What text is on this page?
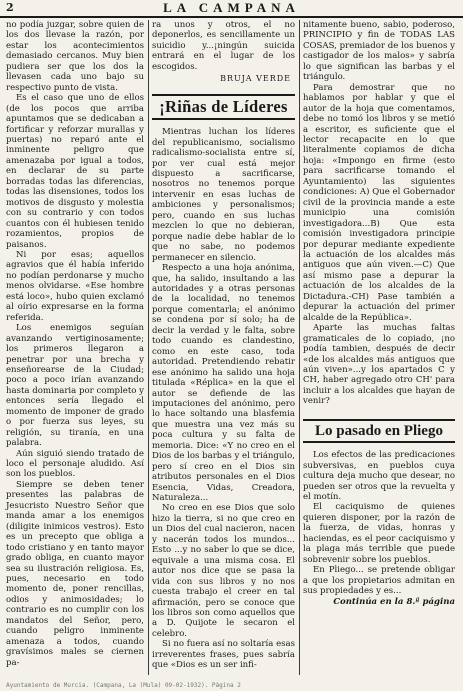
2	LA CAMPANA

no podía juzgar, sobre quien de los dos llevase la razón, por estar los acontecimientos demasiado cercanos. Muy bien pudiera ser que los dos la llevasen cada uno bajo su respectivo punto de vista.

Es el caso que uno de ellos (de los pocos que arriba apuntamos que se dedicaban a fortificar y reforzar murallas y puertas) no reparó ante el inminente peligro que amenazaba por igual a todos, en declarar de su parte borradas todas las diferencias, todas las disensiones, todos los motivos de disgusto y molestia con su contrario y con todos cuantos con él hubiesen tenido rozamientos, propios de paisanos.

Ni por esas; aquellos agravios que él había inferido no podían perdonarse y mucho menos olvidarse. «Ese hombre está loco», hubo quien exclamó al oírio expresarse en la forma referida.

Los enemigos seguían avanzando vertiginosamente; los primeros llegaron a penetrar por una brecha y enseñorearse de la Ciudad; poco a poco irían avanzando hasta dominaria por completo y entonces sería llegado el momento de imponer de grado o por fuerza sus leyes, su religión, su tiranía, en una palabra.

Aún siguió siendo tratado de loco el personaje aludido. Así son los pueblos.

Siempre se deben tener presentes las palabras de Jesucristo Nuestro Señor que manda amar a los enemigos (diligite inimicos vestros). Esto es un precepto que obliga a todo cristiano y en tanto mayor grado obliga, en cuanto mayor sea su ilustración religiosa. Es, pues, necesario en todo momento de, poner rencillas, odios y animosidades; lo contrario es no cumplir con los mandatos del Señor, pero, cuando peligro inminente amenaza a todos, cuando gravísimos males se ciernen pa-

ra unos y otros, el no deponerlos, es sencillamente un suicidio y...¡ningún suicida entrará en el lugar de los escogidos.

BRUJA VERDE
¡Riñas de Líderes

Mientras luchan los líderes del republicanismo, socialismo radicalismo-socialista entre sí, por ver cual está mejor dispuesto a sacrificarse, nosotros no tenemos porque intervenir en esas luchas de ambiciones y personalismos; pero, cuando en sus luchas mezclen lo que no debieran, porque nadie debe hablar de lo que no sabe, no podemos permanecer en silencio.

Respecto a una hoja anónima, que, ha salido, insultando a las autoridades y a otras personas de la localidad, no tenemos porque comentarla; el anónimo se condena por sí solo; ha de decir la verdad y le falta, sobre todo cuando es clandestino, como en este caso, toda autoridad. Pretendiendo rebatir ese anónimo ha salido una hoja titulada «Réplica» en la que el autor se defiende de las imputaciones del anónimo, pero lo hace soltando una blasfemia que muestra una vez más su poca cultura y su falta de memoria. Dice: «Y no creo en el Dios de los barbas y el triángulo, pero sí creo en el Dios sin atributos personales en el Dios Esencia, Vidas, Creadora, Naturaleza...

No creo en ese Dios que solo hizo la tierra, si no que creo en un Dios del cual nacieron, nacen y nacerán todos los mundos... Esto ...y no saber lo que se dice, equivale a una misma cosa. El autor nos dice que se pasa la vida con sus libros y no nos cuesta trabajo el creer en tal afirmación, pero se conoce que los libros son como aquellos que a D. Quijote le secaron el celebro.

Si no fuera así no soltaría esas irreverentes frases, pues sabría que «Dios es un ser infi-

nitamente bueno, sabio, poderoso, PRINCIPIO y fin de TODAS LAS COSAS, premiador de los buenos y castigador de los malos» y sabría lo que significan las barbas y el triángulo.

Para demostrar que no hablamos por hablar y que el autor de la hoja que comentamos, debe no tomó los libros y se metió a escritor, es suficiente que el lector recapacite en lo que literalmente copiamos de dicha hoja: «Impongo en firme (esto para sacrificarse tomando el Ayuntamiento) las siguientes condiciones: A) Que el Gobernador civil de la provincia mande a este municipio una comisión investigadora...B) Que esta comisión investigadora principie por depurar mediante expediente la actuación de los alcaldes más antiguos que aún viven.—C) Que así mismo pase a depurar la actuación de los alcaldes de la Dictadura.-CH) Pase también a depurar la actuación del primer alcalde de la República».

Aparte las muchas faltas gramaticales de lo copiado, ¡no podía tambien, después de decir «de los alcaldes más antiguos que aún viven»...y los apartados C y CH, haber agregado otro CH' para incluir a los alcaldes que hayan de venir?

Lo pasado en Pliego

Los efectos de las predicaciones subversivas, en pueblos cuya cultura deja mucho que desear, no pueden ser otros que la revuelta y el motín.

El caciquismo de quienes quieren disponer, por la razón de la fuerza, de vidas, honras y haciendas, es el peor caciquismo y la plaga más terrible que puede sobrevenir sobre los pueblos.

En Pliego... se pretende obligar a que los propietarios admitan en sus propiedades y es...

Continúa en la 8.ª página

Ayuntamiento de Murcia. (Campana, La (Mula) 09-02-1932). Página 2
